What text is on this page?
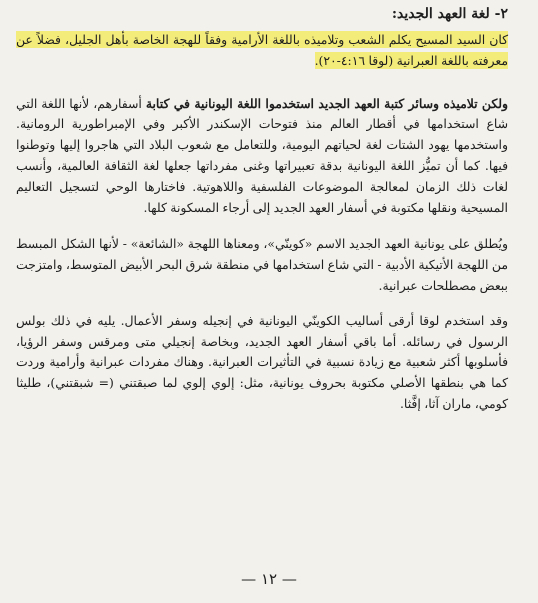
٢- لغة العهد الجديد:

كان السيد المسيح يكلم الشعب وتلاميذه باللغة الأرامية وفقاً للهجة الخاصة بأهل الجليل، فضلاً عن معرفته باللغة العبرانية (لوقا ٤:١٦-٢٠).

ولكن تلاميذه وسائر كتبة العهد الجديد استخدموا اللغة اليونانية في كتابة أسفارهم، لأنها اللغة التي شاع استخدامها في أقطار العالم منذ فتوحات الإسكندر الأكبر وفي الإمبراطورية الرومانية. واستخدمها يهود الشتات لغة لحياتهم اليومية، وللتعامل مع شعوب البلاد التي هاجروا إليها وتوطنوا فيها. كما أن تميُّز اللغة اليونانية بدقة تعبيراتها وغنى مفرداتها جعلها لغة الثقافة العالمية، وأنسب لغات ذلك الزمان لمعالجة الموضوعات الفلسفية واللاهوتية. فاختارها الوحي لتسجيل التعاليم المسيحية ونقلها مكتوبة في أسفار العهد الجديد إلى أرجاء المسكونة كلها.

ويُطلق على يونانية العهد الجديد الاسم «كوينّي»، ومعناها اللهجة «الشائعة» - لأنها الشكل المبسط من اللهجة الأتيكية الأدبية - التي شاع استخدامها في منطقة شرق البحر الأبيض المتوسط، وامتزجت ببعض مصطلحات عبرانية.

وقد استخدم لوقا أرقى أساليب الكوينّي اليونانية في إنجيله وسفر الأعمال. يليه في ذلك بولس الرسول في رسائله. أما باقي أسفار العهد الجديد، وبخاصة إنجيلي متى ومرقس وسفر الرؤيا، فأسلوبها أكثر شعبية مع زيادة نسبية في التأثيرات العبرانية. وهناك مفردات عبرانية وأرامية وردت كما هي بنطقها الأصلي مكتوبة بحروف يونانية، مثل: إلوي إلوي لما صبقتني (= شبقتني)، طليثا كومي، ماران آثا، إفَّثا.

— ١٢ —
